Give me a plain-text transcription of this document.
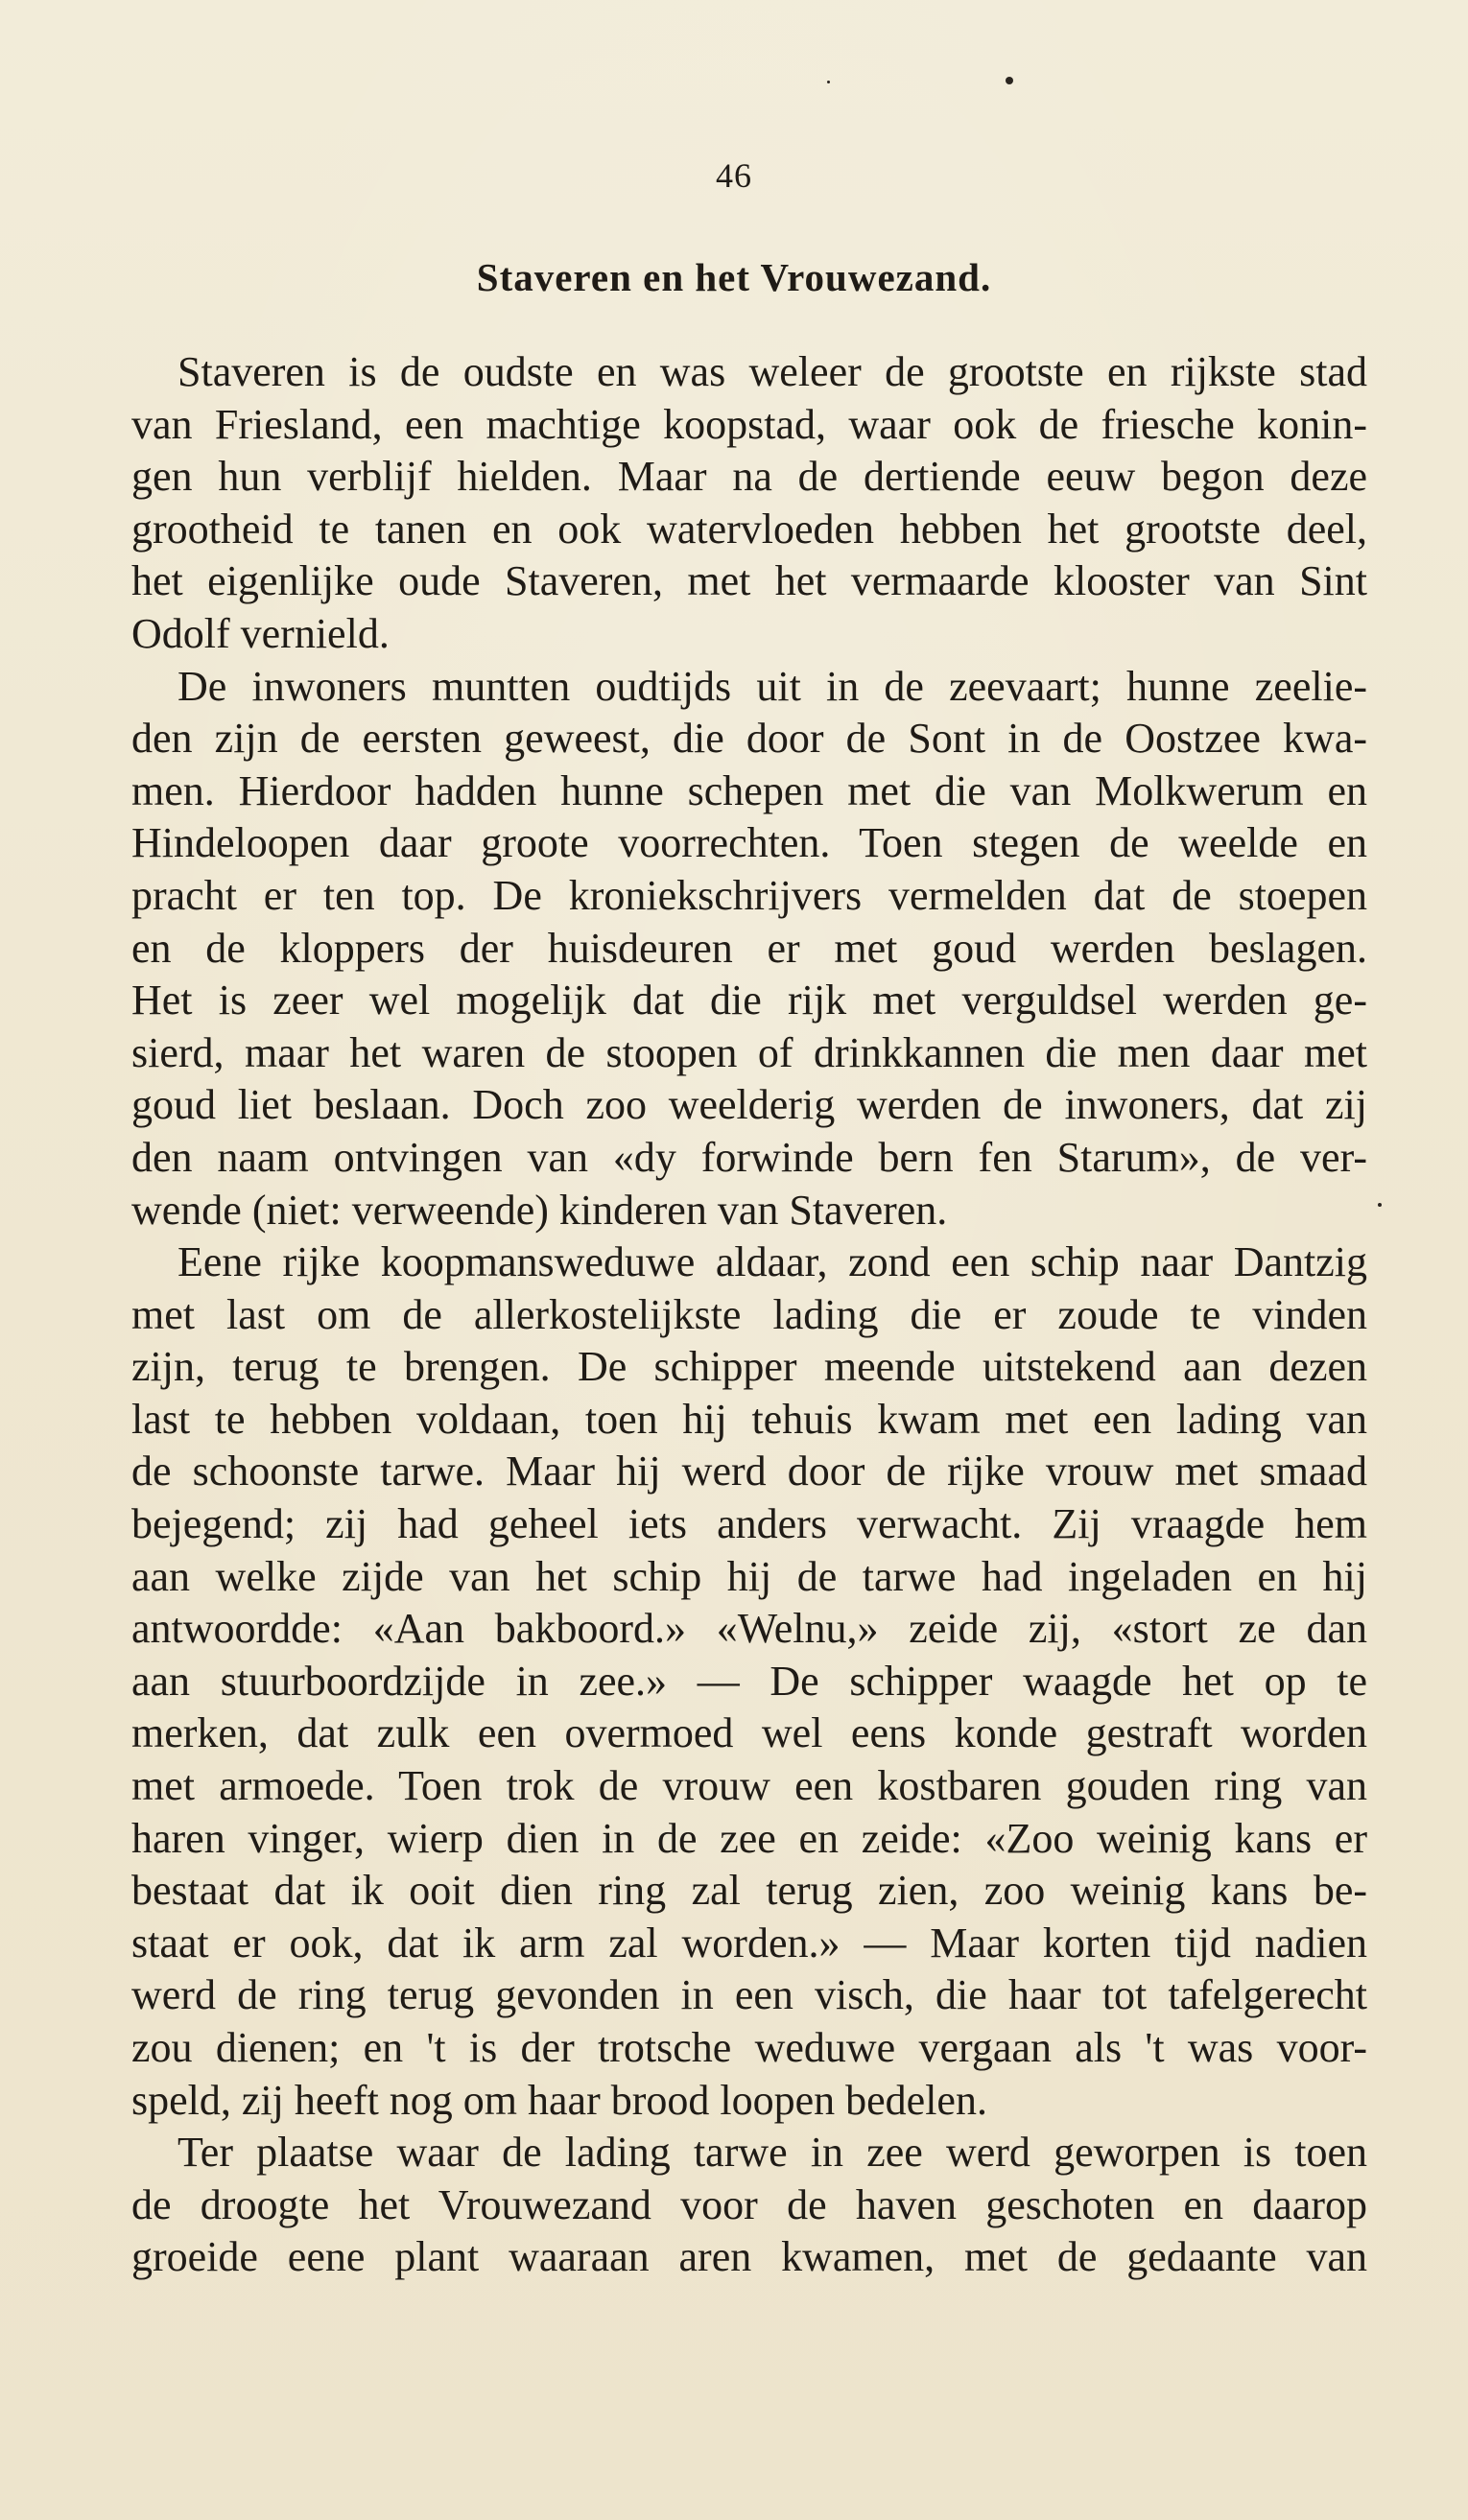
46
Staveren en het Vrouwezand.
Staveren is de oudste en was weleer de grootste en rijkste stad
van Friesland, een machtige koopstad, waar ook de friesche konin-
gen hun verblijf hielden. Maar na de dertiende eeuw begon deze
grootheid te tanen en ook watervloeden hebben het grootste deel,
het eigenlijke oude Staveren, met het vermaarde klooster van Sint
Odolf vernield.
De inwoners muntten oudtijds uit in de zeevaart; hunne zeelie-
den zijn de eersten geweest, die door de Sont in de Oostzee kwa-
men. Hierdoor hadden hunne schepen met die van Molkwerum en
Hindeloopen daar groote voorrechten. Toen stegen de weelde en
pracht er ten top. De kroniekschrijvers vermelden dat de stoepen
en de kloppers der huisdeuren er met goud werden beslagen.
Het is zeer wel mogelijk dat die rijk met verguldsel werden ge-
sierd, maar het waren de stoopen of drinkkannen die men daar met
goud liet beslaan. Doch zoo weelderig werden de inwoners, dat zij
den naam ontvingen van «dy forwinde bern fen Starum», de ver-
wende (niet: verweende) kinderen van Staveren.
Eene rijke koopmansweduwe aldaar, zond een schip naar Dantzig
met last om de allerkostelijkste lading die er zoude te vinden
zijn, terug te brengen. De schipper meende uitstekend aan dezen
last te hebben voldaan, toen hij tehuis kwam met een lading van
de schoonste tarwe. Maar hij werd door de rijke vrouw met smaad
bejegend; zij had geheel iets anders verwacht. Zij vraagde hem
aan welke zijde van het schip hij de tarwe had ingeladen en hij
antwoordde: «Aan bakboord.» «Welnu,» zeide zij, «stort ze dan
aan stuurboordzijde in zee.» — De schipper waagde het op te
merken, dat zulk een overmoed wel eens konde gestraft worden
met armoede. Toen trok de vrouw een kostbaren gouden ring van
haren vinger, wierp dien in de zee en zeide: «Zoo weinig kans er
bestaat dat ik ooit dien ring zal terug zien, zoo weinig kans be-
staat er ook, dat ik arm zal worden.» — Maar korten tijd nadien
werd de ring terug gevonden in een visch, die haar tot tafelgerecht
zou dienen; en 't is der trotsche weduwe vergaan als 't was voor-
speld, zij heeft nog om haar brood loopen bedelen.
Ter plaatse waar de lading tarwe in zee werd geworpen is toen
de droogte het Vrouwezand voor de haven geschoten en daarop
groeide eene plant waaraan aren kwamen, met de gedaante van
